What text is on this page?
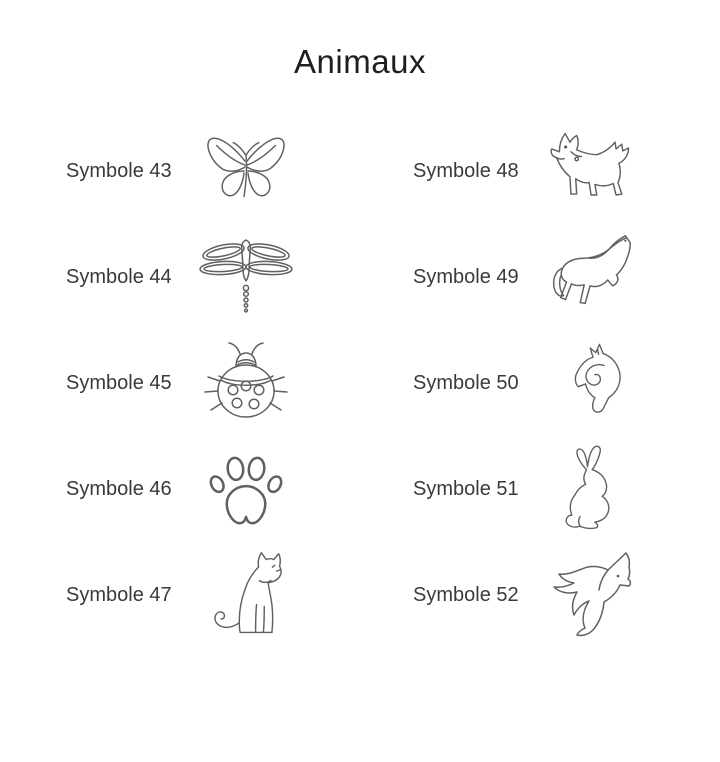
Animaux
Symbole 43
Symbole 44
Symbole 45
Symbole 46
Symbole 47
Symbole 48
Symbole 49
Symbole 50
Symbole 51
Symbole 52
